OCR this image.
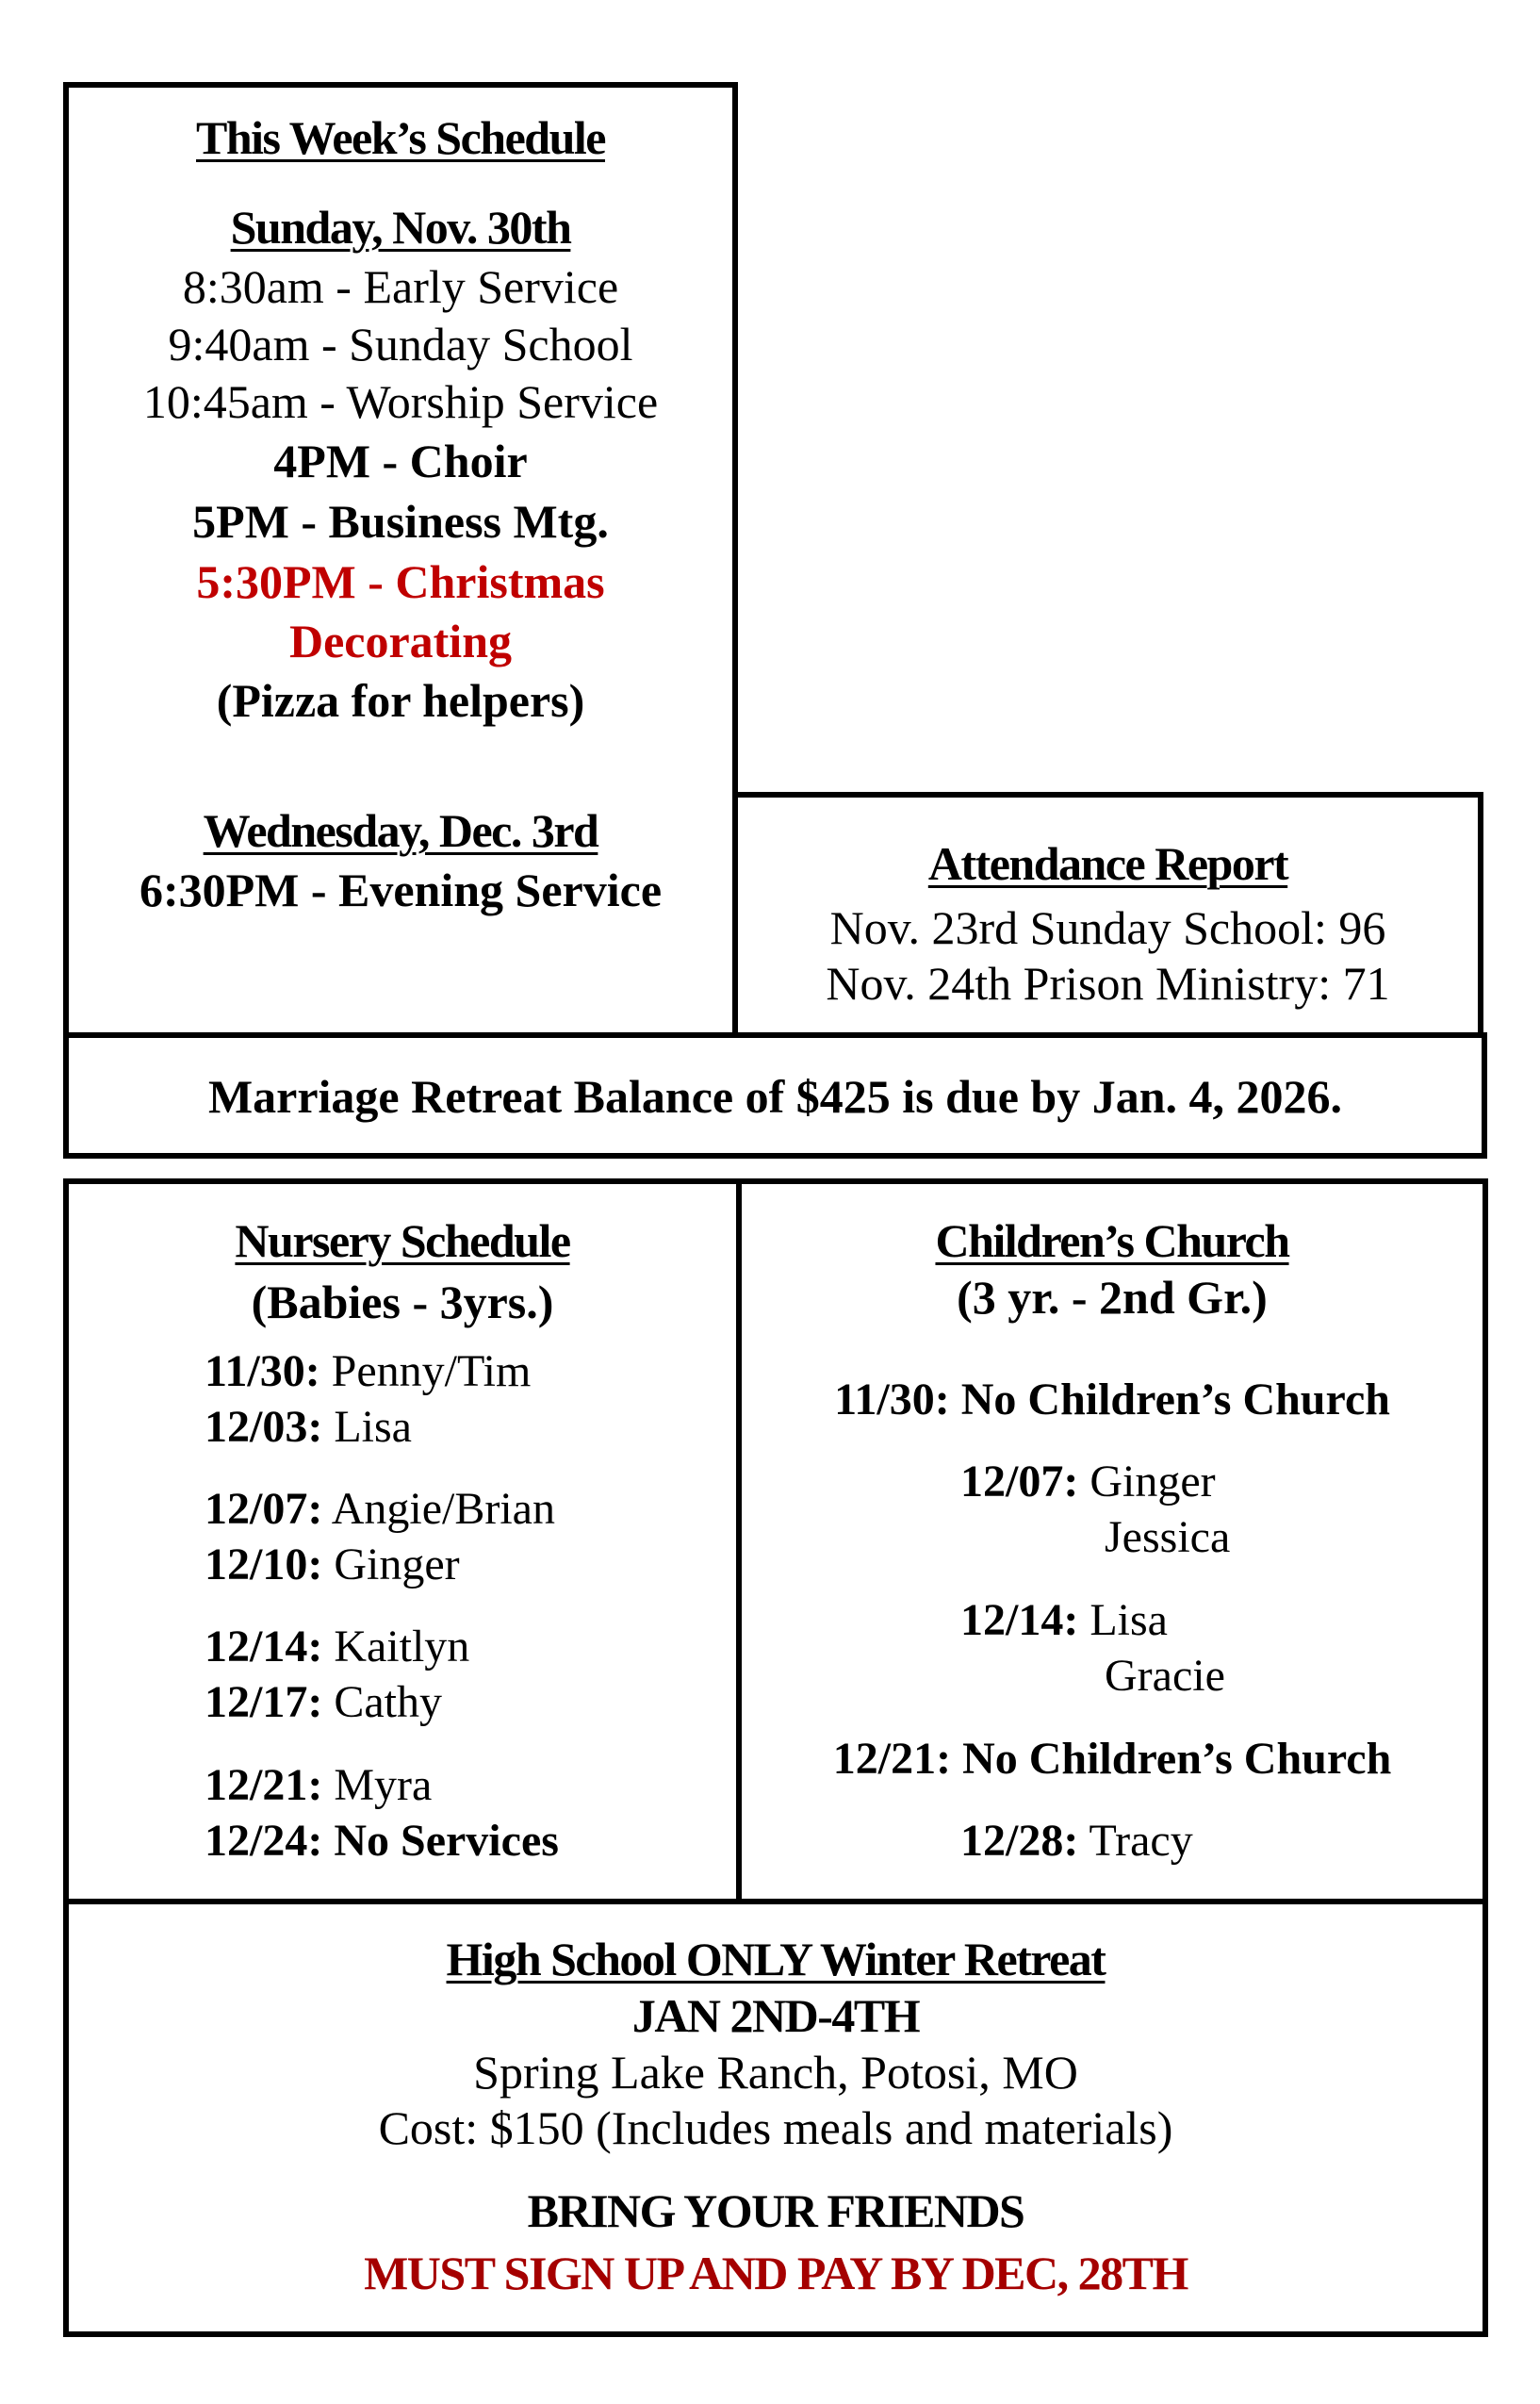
This Week’s Schedule
Sunday, Nov. 30th
8:30am - Early Service
9:40am - Sunday School
10:45am - Worship Service
4PM - Choir
5PM - Business Mtg.
5:30PM - Christmas
Decorating
(Pizza for helpers)
Wednesday, Dec. 3rd
6:30PM - Evening Service	Attendance Report
Nov. 23rd Sunday School: 96
Nov. 24th Prison Ministry: 71
Marriage Retreat Balance of $425 is due by Jan. 4, 2026.
Nursery Schedule
(Babies - 3yrs.)
11/30: Penny/Tim
12/03: Lisa
12/07: Angie/Brian
12/10: Ginger
12/14: Kaitlyn
12/17: Cathy
12/21: Myra
12/24: No Services
Children’s Church
(3 yr. - 2nd Gr.)
11/30: No Children’s Church
12/07: Ginger
Jessica
12/14: Lisa
Gracie
12/21: No Children’s Church
12/28: Tracy
High School ONLY Winter Retreat
JAN 2ND-4TH
Spring Lake Ranch, Potosi, MO
Cost: $150 (Includes meals and materials)
BRING YOUR FRIENDS
MUST SIGN UP AND PAY BY DEC, 28TH
